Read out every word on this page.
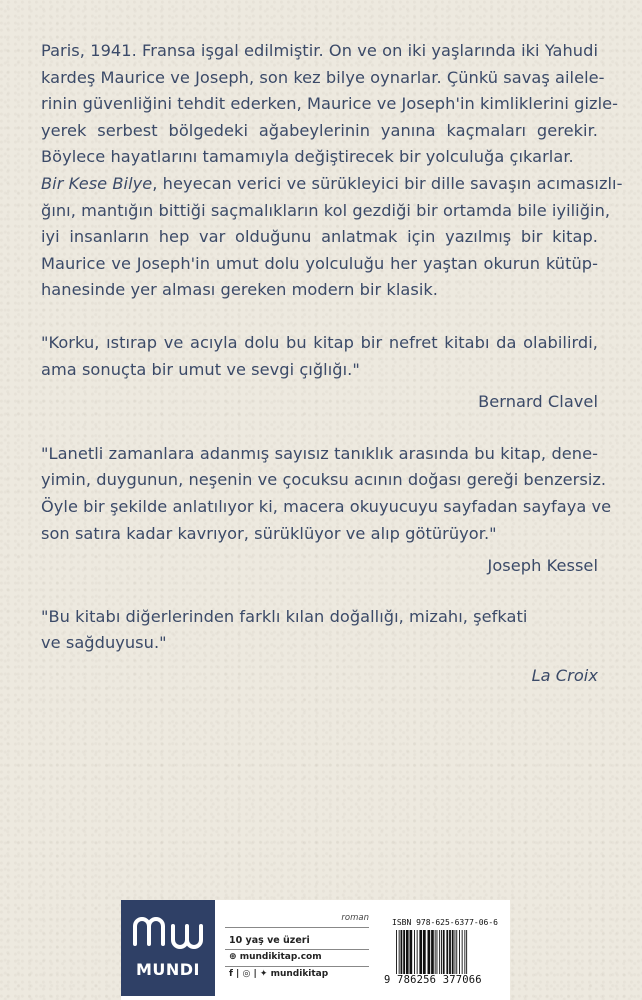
Paris, 1941. Fransa işgal edilmiştir. On ve on iki yaşlarında iki Yahudi
kardeş Maurice ve Joseph, son kez bilye oynarlar. Çünkü savaş ailele-
rinin güvenliğini tehdit ederken, Maurice ve Joseph'in kimliklerini gizle-
yerek serbest bölgedeki ağabeylerinin yanına kaçmaları gerekir.
Böylece hayatlarını tamamıyla değiştirecek bir yolculuğa çıkarlar.
Bir Kese Bilye, heyecan verici ve sürükleyici bir dille savaşın acımasızlı-
ğını, mantığın bittiği saçmalıkların kol gezdiği bir ortamda bile iyiliğin,
iyi insanların hep var olduğunu anlatmak için yazılmış bir kitap.
Maurice ve Joseph'in umut dolu yolculuğu her yaştan okurun kütüp-
hanesinde yer alması gereken modern bir klasik.

"Korku, ıstırap ve acıyla dolu bu kitap bir nefret kitabı da olabilirdi,
ama sonuçta bir umut ve sevgi çığlığı."
Bernard Clavel
"Lanetli zamanlara adanmış sayısız tanıklık arasında bu kitap, dene-
yimin, duygunun, neşenin ve çocuksu acının doğası gereği benzersiz.
Öyle bir şekilde anlatılıyor ki, macera okuyucuyu sayfadan sayfaya ve
son satıra kadar kavrıyor, sürüklüyor ve alıp götürüyor."
Joseph Kessel
"Bu kitabı diğerlerinden farklı kılan doğallığı, mizahı, şefkati
ve sağduyusu."
La Croix
MUNDI
roman
10 yaş ve üzeri
⊕ mundikitap.com
f | ◎ | ✦ mundikitap
ISBN 978-625-6377-06-6
9 786256 377066
